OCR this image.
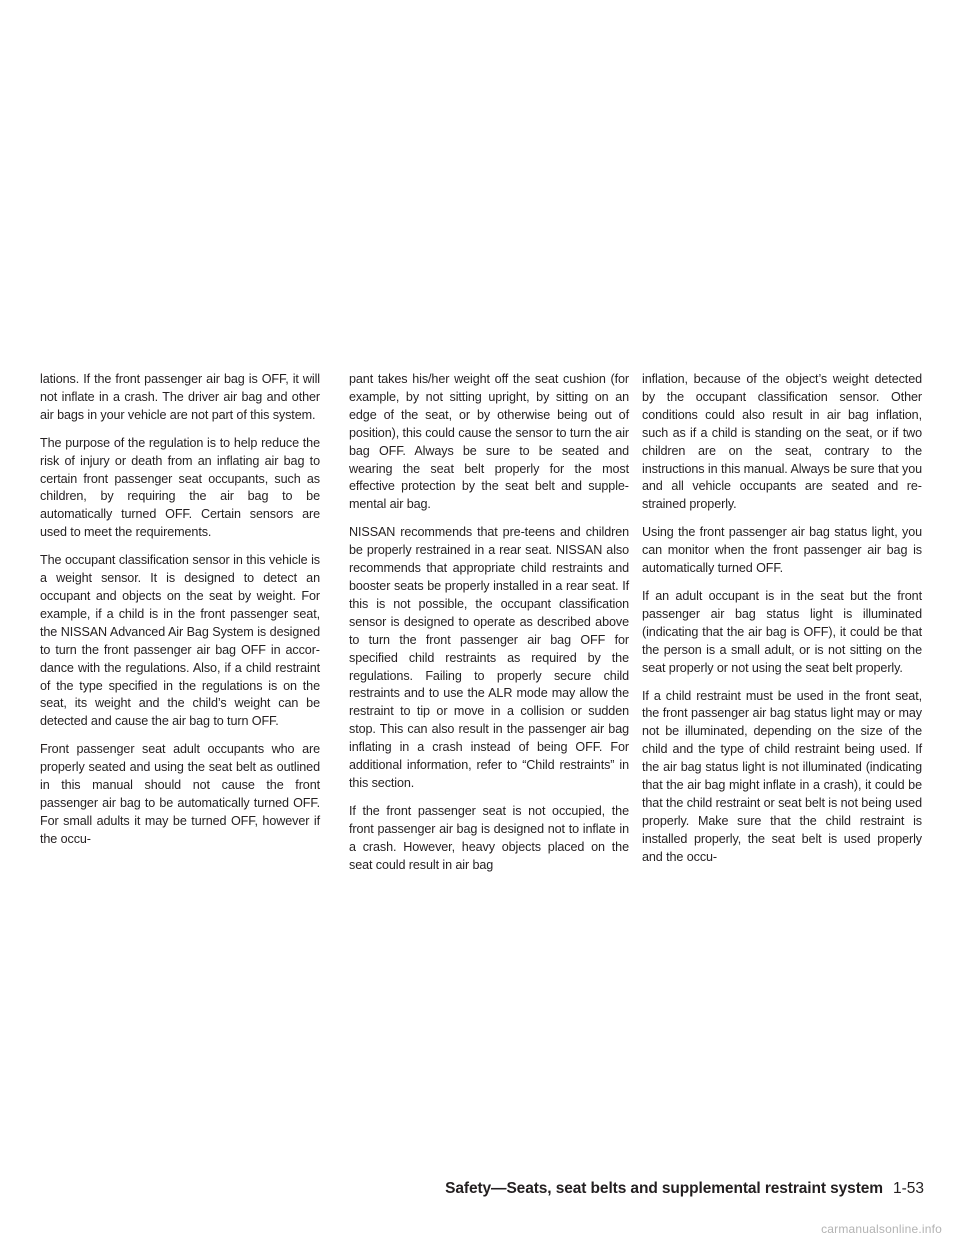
lations. If the front passenger air bag is OFF, it will not inflate in a crash. The driver air bag and other air bags in your vehicle are not part of this system.

The purpose of the regulation is to help reduce the risk of injury or death from an inflating air bag to certain front passenger seat occupants, such as children, by requiring the air bag to be automatically turned OFF. Certain sensors are used to meet the requirements.

The occupant classification sensor in this vehicle is a weight sensor. It is designed to detect an occupant and objects on the seat by weight. For example, if a child is in the front passenger seat, the NISSAN Advanced Air Bag System is designed to turn the front passenger air bag OFF in accordance with the regulations. Also, if a child restraint of the type specified in the regulations is on the seat, its weight and the child’s weight can be detected and cause the air bag to turn OFF.

Front passenger seat adult occupants who are properly seated and using the seat belt as outlined in this manual should not cause the front passenger air bag to be automatically turned OFF. For small adults it may be turned OFF, however if the occu-

pant takes his/her weight off the seat cushion (for example, by not sitting upright, by sitting on an edge of the seat, or by otherwise being out of position), this could cause the sensor to turn the air bag OFF. Always be sure to be seated and wearing the seat belt properly for the most effective protection by the seat belt and supplemental air bag.

NISSAN recommends that pre-teens and children be properly restrained in a rear seat. NISSAN also recommends that appropriate child restraints and booster seats be properly installed in a rear seat. If this is not possible, the occupant classification sensor is designed to operate as described above to turn the front passenger air bag OFF for specified child restraints as required by the regulations. Failing to properly secure child restraints and to use the ALR mode may allow the restraint to tip or move in a collision or sudden stop. This can also result in the passenger air bag inflating in a crash instead of being OFF. For additional information, refer to “Child restraints” in this section.

If the front passenger seat is not occupied, the front passenger air bag is designed not to inflate in a crash. However, heavy objects placed on the seat could result in air bag

inflation, because of the object’s weight detected by the occupant classification sensor. Other conditions could also result in air bag inflation, such as if a child is standing on the seat, or if two children are on the seat, contrary to the instructions in this manual. Always be sure that you and all vehicle occupants are seated and restrained properly.

Using the front passenger air bag status light, you can monitor when the front passenger air bag is automatically turned OFF.

If an adult occupant is in the seat but the front passenger air bag status light is illuminated (indicating that the air bag is OFF), it could be that the person is a small adult, or is not sitting on the seat properly or not using the seat belt properly.

If a child restraint must be used in the front seat, the front passenger air bag status light may or may not be illuminated, depending on the size of the child and the type of child restraint being used. If the air bag status light is not illuminated (indicating that the air bag might inflate in a crash), it could be that the child restraint or seat belt is not being used properly. Make sure that the child restraint is installed properly, the seat belt is used properly and the occu-

Safety—Seats, seat belts and supplemental restraint system 1-53
carmanualsonline.info
